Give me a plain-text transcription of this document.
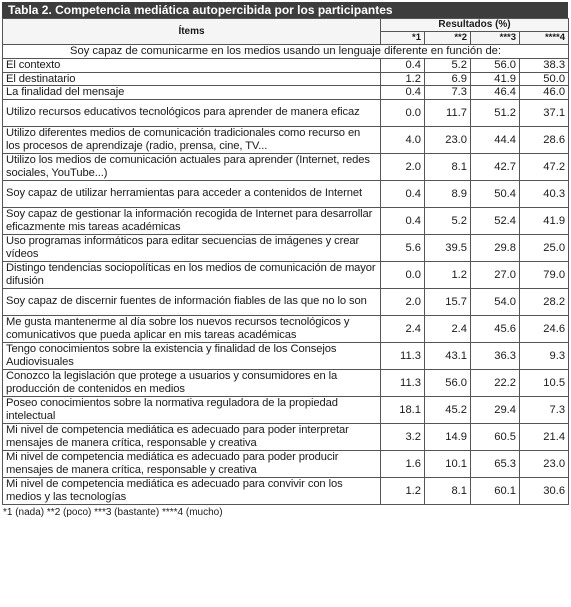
Tabla 2. Competencia mediática autopercibida por los participantes
Ítems	Resultados (%)			
	*1	**2	***3	****4
Soy capaz de comunicarme en los medios usando un lenguaje diferente en función de:				
El contexto	0.4	5.2	56.0	38.3
El destinatario	1.2	6.9	41.9	50.0
La finalidad del mensaje	0.4	7.3	46.4	46.0
Utilizo recursos educativos tecnológicos para aprender de manera eficaz	0.0	11.7	51.2	37.1
Utilizo diferentes medios de comunicación tradicionales como recurso en los procesos de aprendizaje (radio, prensa, cine, TV...	4.0	23.0	44.4	28.6
Utilizo los medios de comunicación actuales para aprender (Internet, redes sociales, YouTube...)	2.0	8.1	42.7	47.2
Soy capaz de utilizar herramientas para acceder a contenidos de Internet	0.4	8.9	50.4	40.3
Soy capaz de gestionar la información recogida de Internet para desarrollar eficazmente mis tareas académicas	0.4	5.2	52.4	41.9
Uso programas informáticos para editar secuencias de imágenes y crear vídeos	5.6	39.5	29.8	25.0
Distingo tendencias sociopolíticas en los medios de comunicación de mayor difusión	0.0	1.2	27.0	79.0
Soy capaz de discernir fuentes de información fiables de las que no lo son	2.0	15.7	54.0	28.2
Me gusta mantenerme al día sobre los nuevos recursos tecnológicos y comunicativos que pueda aplicar en mis tareas académicas	2.4	2.4	45.6	24.6
Tengo conocimientos sobre la existencia y finalidad de los Consejos Audiovisuales	11.3	43.1	36.3	9.3
Conozco la legislación que protege a usuarios y consumidores en la producción de contenidos en medios	11.3	56.0	22.2	10.5
Poseo conocimientos sobre la normativa reguladora de la propiedad intelectual	18.1	45.2	29.4	7.3
Mi nivel de competencia mediática es adecuado para poder interpretar mensajes de manera crítica, responsable y creativa	3.2	14.9	60.5	21.4
Mi nivel de competencia mediática es adecuado para poder producir mensajes de manera crítica, responsable y creativa	1.6	10.1	65.3	23.0
Mi nivel de competencia mediática es adecuado para convivir con los medios y las tecnologías	1.2	8.1	60.1	30.6
*1 (nada) **2 (poco) ***3 (bastante) ****4 (mucho)
